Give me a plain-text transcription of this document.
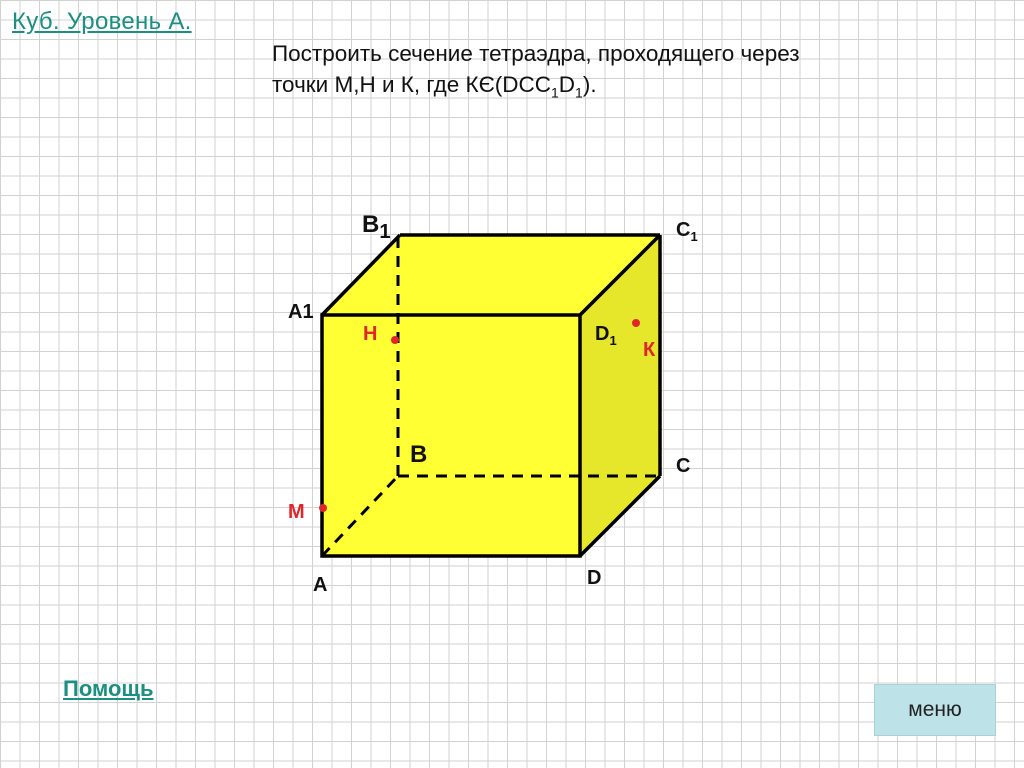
Куб. Уровень А.
Построить сечение тетраэдра, проходящего через
точки М,Н и К, где $КЄ(DCC_1D_1)$.
$В_1$	$C_1$
А1
$D_1$
В	C
А	D
Н
К
М
Помощь
меню
